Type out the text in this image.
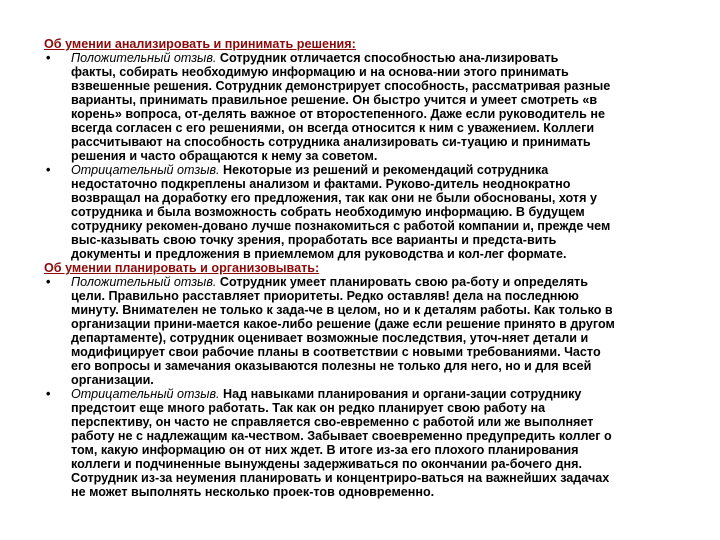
Об умении анализировать и принимать решения:
• Положительный отзыв. Сотрудник отличается способностью ана-лизировать
факты, собирать необходимую информацию и на основа-нии этого принимать
взвешенные решения. Сотрудник демонстрирует способность, рассматривая разные
варианты, принимать правильное решение. Он быстро учится и умеет смотреть «в
корень» вопроса, от-делять важное от второстепенного. Даже если руководитель не
всегда согласен с его решениями, он всегда относится к ним с уважением. Коллеги
рассчитывают на способность сотрудника анализировать си-туацию и принимать
решения и часто обращаются к нему за советом.
• Отрицательный отзыв. Некоторые из решений и рекомендаций сотрудника
недостаточно подкреплены анализом и фактами. Руково-дитель неоднократно
возвращал на доработку его предложения, так как они не были обоснованы, хотя у
сотрудника и была возможность собрать необходимую информацию. В будущем
сотруднику рекомен-довано лучше познакомиться с работой компании и, прежде чем
выс-казывать свою точку зрения, проработать все варианты и предста-вить
документы и предложения в приемлемом для руководства и кол-лег формате.
Об умении планировать и организовывать:
• Положительный отзыв. Сотрудник умеет планировать свою ра-боту и определять
цели. Правильно расставляет приоритеты. Редко оставляв! дела на последнюю
минуту. Внимателен не только к зада-че в целом, но и к деталям работы. Как только в
организации прини-мается какое-либо решение (даже если решение принято в другом
департаменте), сотрудник оценивает возможные последствия, уточ-няет детали и
модифицирует свои рабочие планы в соответствии с новыми требованиями. Часто
его вопросы и замечания оказываются полезны не только для него, но и для всей
организации.
• Отрицательный отзыв. Над навыками планирования и органи-зации сотруднику
предстоит еще много работать. Так как он редко планирует свою работу на
перспективу, он часто не справляется сво-евременно с работой или же выполняет
работу не с надлежащим ка-чеством. Забывает своевременно предупредить коллег о
том, какую информацию он от них ждет. В итоге из-за его плохого планирования
коллеги и подчиненные вынуждены задерживаться по окончании ра-бочего дня.
Сотрудник из-за неумения планировать и концентриро-ваться на важнейших задачах
не может выполнять несколько проек-тов одновременно.
